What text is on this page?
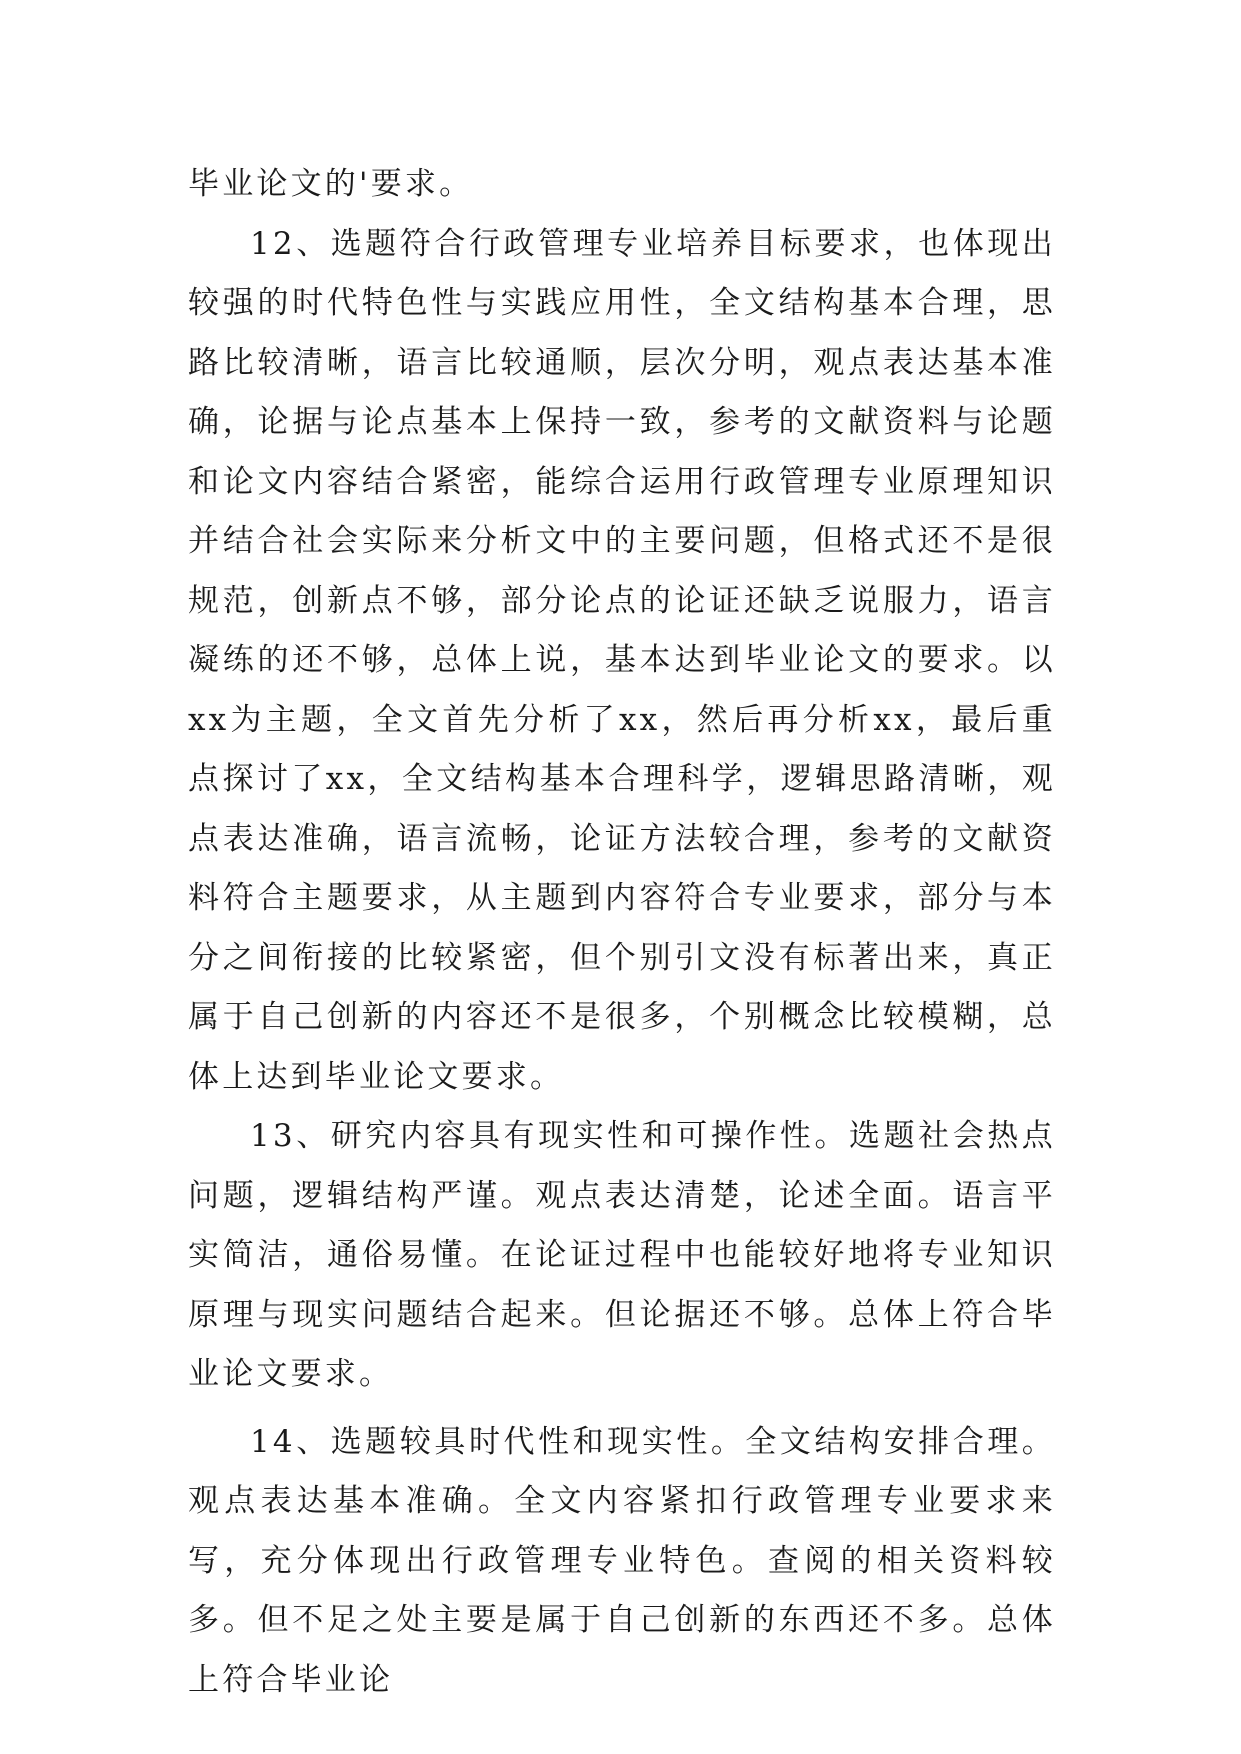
毕业论文的'要求。

12、选题符合行政管理专业培养目标要求，也体现出较强的时代特色性与实践应用性，全文结构基本合理，思路比较清晰，语言比较通顺，层次分明，观点表达基本准确，论据与论点基本上保持一致，参考的文献资料与论题和论文内容结合紧密，能综合运用行政管理专业原理知识并结合社会实际来分析文中的主要问题，但格式还不是很规范，创新点不够，部分论点的论证还缺乏说服力，语言凝练的还不够，总体上说，基本达到毕业论文的要求。以xx为主题，全文首先分析了xx，然后再分析xx，最后重点探讨了xx，全文结构基本合理科学，逻辑思路清晰，观点表达准确，语言流畅，论证方法较合理，参考的文献资料符合主题要求，从主题到内容符合专业要求，部分与本分之间衔接的比较紧密，但个别引文没有标著出来，真正属于自己创新的内容还不是很多，个别概念比较模糊，总体上达到毕业论文要求。

13、研究内容具有现实性和可操作性。选题社会热点问题，逻辑结构严谨。观点表达清楚，论述全面。语言平实简洁，通俗易懂。在论证过程中也能较好地将专业知识原理与现实问题结合起来。但论据还不够。总体上符合毕业论文要求。

14、选题较具时代性和现实性。全文结构安排合理。观点表达基本准确。全文内容紧扣行政管理专业要求来写，充分体现出行政管理专业特色。查阅的相关资料较多。但不足之处主要是属于自己创新的东西还不多。总体上符合毕业论
